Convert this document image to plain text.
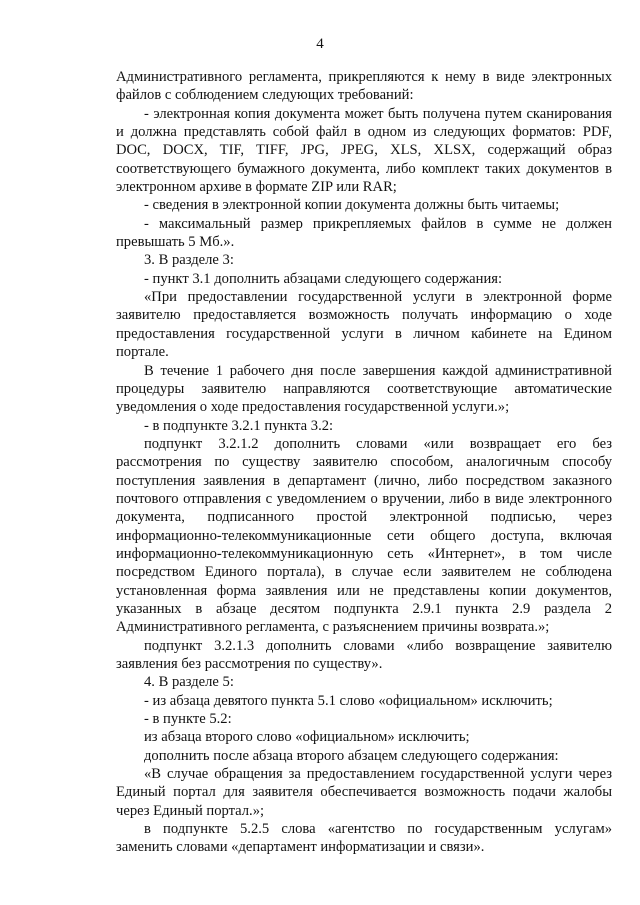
4

Административного регламента, прикрепляются к нему в виде электронных файлов с соблюдением следующих требований:

- электронная копия документа может быть получена путем сканирования и должна представлять собой файл в одном из следующих форматов: PDF, DOC, DOCX, TIF, TIFF, JPG, JPEG, XLS, XLSX, содержащий образ соответствующего бумажного документа, либо комплект таких документов в электронном архиве в формате ZIP или RAR;

- сведения в электронной копии документа должны быть читаемы;

- максимальный размер прикрепляемых файлов в сумме не должен превышать 5 Мб.».

3. В разделе 3:

- пункт 3.1 дополнить абзацами следующего содержания:

«При предоставлении государственной услуги в электронной форме заявителю предоставляется возможность получать информацию о ходе предоставления государственной услуги в личном кабинете на Едином портале.

В течение 1 рабочего дня после завершения каждой административной процедуры заявителю направляются соответствующие автоматические уведомления о ходе предоставления государственной услуги.»;

- в подпункте 3.2.1 пункта 3.2:

подпункт 3.2.1.2 дополнить словами «или возвращает его без рассмотрения по существу заявителю способом, аналогичным способу поступления заявления в департамент (лично, либо посредством заказного почтового отправления с уведомлением о вручении, либо в виде электронного документа, подписанного простой электронной подписью, через информационно-телекоммуникационные сети общего доступа, включая информационно-телекоммуникационную сеть «Интернет», в том числе посредством Единого портала), в случае если заявителем не соблюдена установленная форма заявления или не представлены копии документов, указанных в абзаце десятом подпункта 2.9.1 пункта 2.9 раздела 2 Административного регламента, с разъяснением причины возврата.»;

подпункт 3.2.1.3 дополнить словами «либо возвращение заявителю заявления без рассмотрения по существу».

4. В разделе 5:

- из абзаца девятого пункта 5.1 слово «официальном» исключить;

- в пункте 5.2:

из абзаца второго слово «официальном» исключить;

дополнить после абзаца второго абзацем следующего содержания:

«В случае обращения за предоставлением государственной услуги через Единый портал для заявителя обеспечивается возможность подачи жалобы через Единый портал.»;

в подпункте 5.2.5 слова «агентство по государственным услугам» заменить словами «департамент информатизации и связи».
